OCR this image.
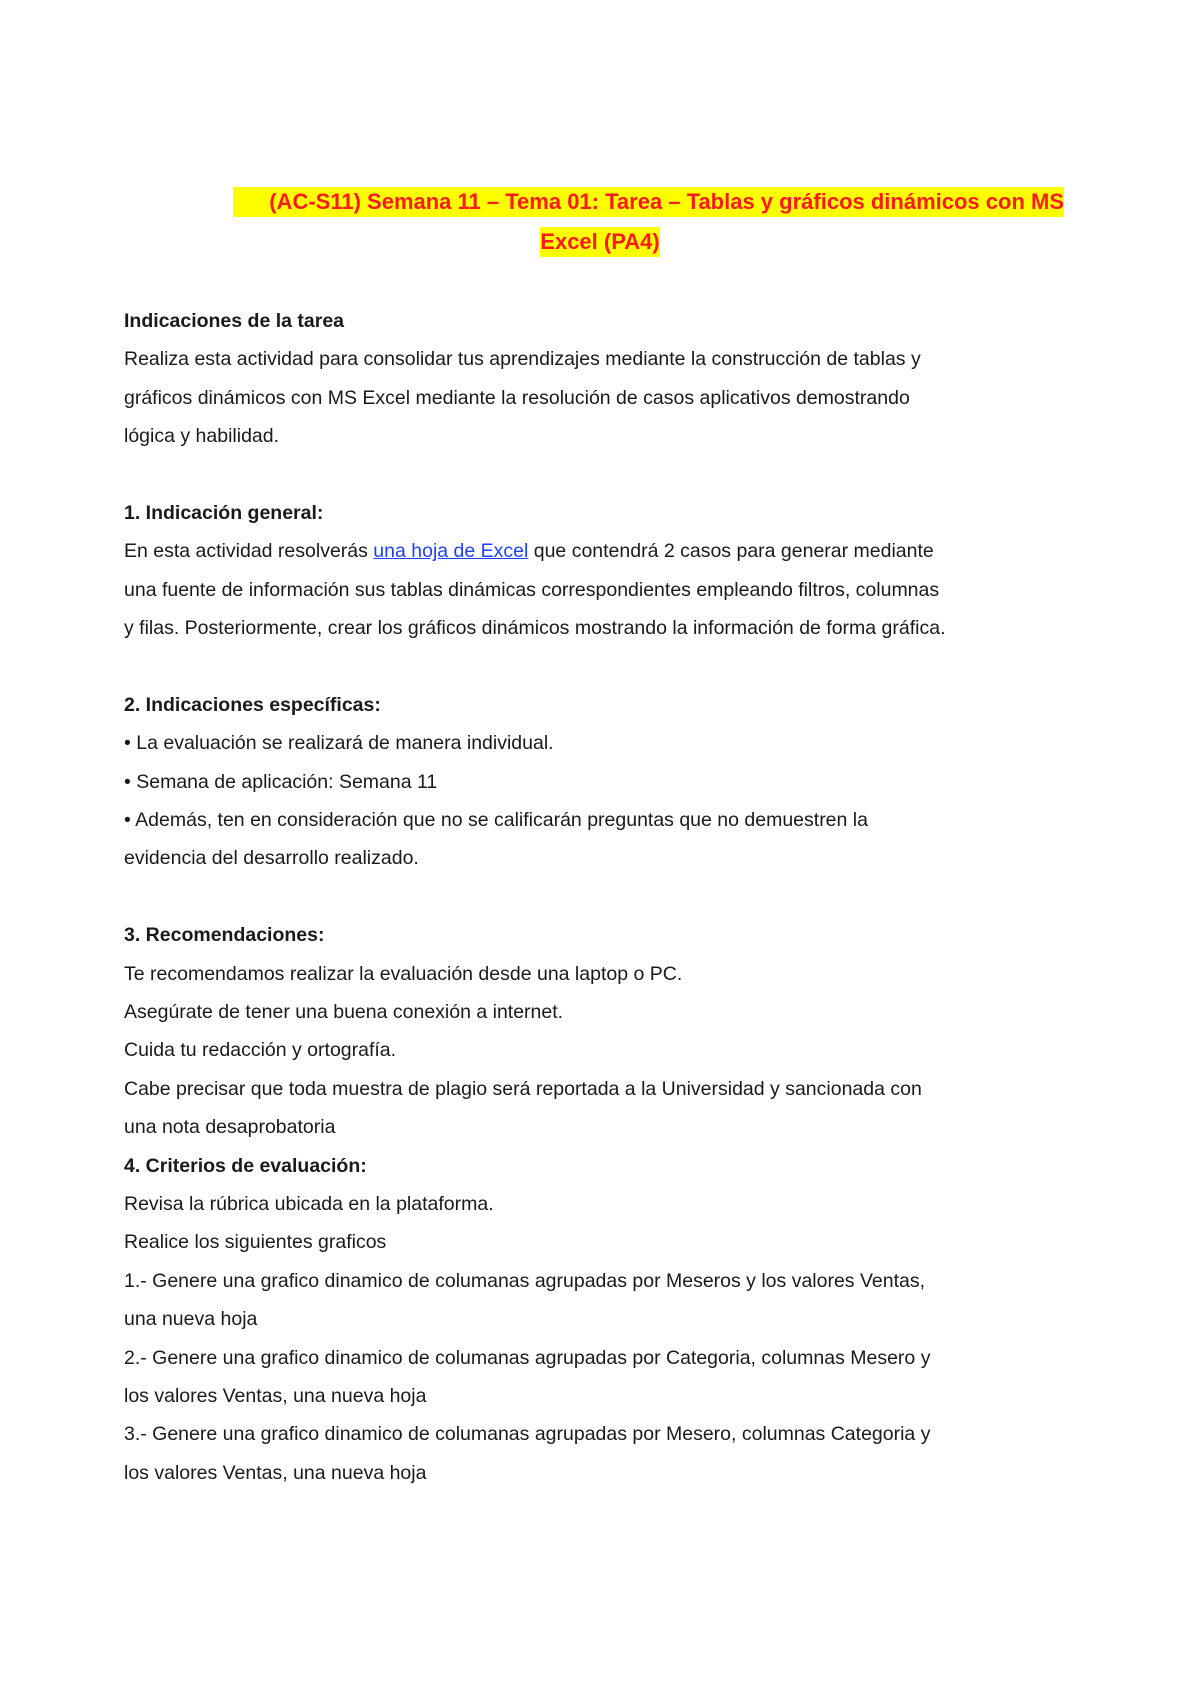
(AC-S11) Semana 11 – Tema 01: Tarea – Tablas y gráficos dinámicos con MS
Excel (PA4)
Indicaciones de la tarea
Realiza esta actividad para consolidar tus aprendizajes mediante la construcción de tablas y
gráficos dinámicos con MS Excel mediante la resolución de casos aplicativos demostrando
lógica y habilidad.
1. Indicación general:
En esta actividad resolverás una hoja de Excel que contendrá 2 casos para generar mediante
una fuente de información sus tablas dinámicas correspondientes empleando filtros, columnas
y filas. Posteriormente, crear los gráficos dinámicos mostrando la información de forma gráfica.
2. Indicaciones específicas:
• La evaluación se realizará de manera individual.
• Semana de aplicación: Semana 11
• Además, ten en consideración que no se calificarán preguntas que no demuestren la
evidencia del desarrollo realizado.
3. Recomendaciones:
Te recomendamos realizar la evaluación desde una laptop o PC.
Asegúrate de tener una buena conexión a internet.
Cuida tu redacción y ortografía.
Cabe precisar que toda muestra de plagio será reportada a la Universidad y sancionada con
una nota desaprobatoria
4. Criterios de evaluación:
Revisa la rúbrica ubicada en la plataforma.
Realice los siguientes graficos
1.- Genere una grafico dinamico de columanas agrupadas por Meseros y los valores Ventas,
una nueva hoja
2.- Genere una grafico dinamico de columanas agrupadas por Categoria, columnas Mesero y
los valores Ventas, una nueva hoja
3.- Genere una grafico dinamico de columanas agrupadas por Mesero, columnas Categoria y
los valores Ventas, una nueva hoja
